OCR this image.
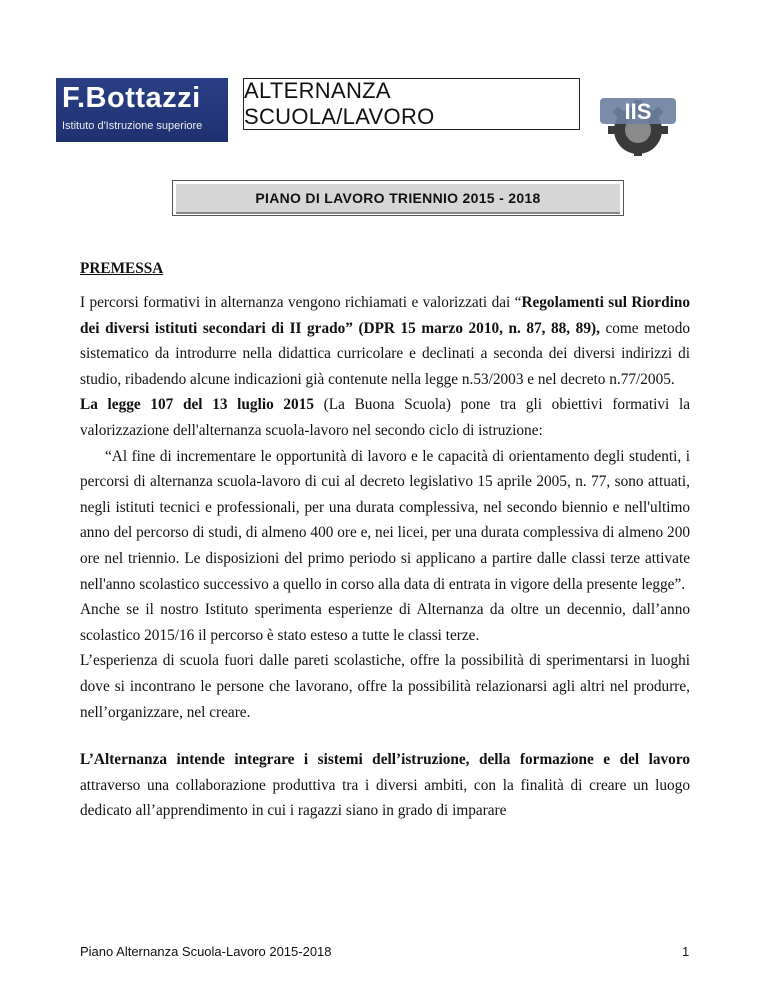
F.Bottazzi
Istituto d'Istruzione superiore
ALTERNANZA SCUOLA/LAVORO	IIS
PIANO DI LAVORO TRIENNIO 2015 - 2018
PREMESSA

I percorsi formativi in alternanza vengono richiamati e valorizzati dai “Regolamenti sul Riordino dei diversi istituti secondari di II grado” (DPR 15 marzo 2010, n. 87, 88, 89), come metodo sistematico da introdurre nella didattica curricolare e declinati a seconda dei diversi indirizzi di studio, ribadendo alcune indicazioni già contenute nella legge n.53/2003 e nel decreto n.77/2005.

La legge 107 del 13 luglio 2015 (La Buona Scuola) pone tra gli obiettivi formativi la valorizzazione dell'alternanza scuola-lavoro nel secondo ciclo di istruzione:

“Al fine di incrementare le opportunità di lavoro e le capacità di orientamento degli studenti, i percorsi di alternanza scuola-lavoro di cui al decreto legislativo 15 aprile 2005, n. 77, sono attuati, negli istituti tecnici e professionali, per una durata complessiva, nel secondo biennio e nell'ultimo anno del percorso di studi, di almeno 400 ore e, nei licei, per una durata complessiva di almeno 200 ore nel triennio. Le disposizioni del primo periodo si applicano a partire dalle classi terze attivate nell'anno scolastico successivo a quello in corso alla data di entrata in vigore della presente legge”.

Anche se il nostro Istituto sperimenta esperienze di Alternanza da oltre un decennio, dall’anno scolastico 2015/16 il percorso è stato esteso a tutte le classi terze.

L’esperienza di scuola fuori dalle pareti scolastiche, offre la possibilità di sperimentarsi in luoghi dove si incontrano le persone che lavorano, offre la possibilità relazionarsi agli altri nel produrre, nell’organizzare, nel creare.

L’Alternanza intende integrare i sistemi dell’istruzione, della formazione e del lavoro attraverso una collaborazione produttiva tra i diversi ambiti, con la finalità di creare un luogo dedicato all’apprendimento in cui i ragazzi siano in grado di imparare

Piano Alternanza Scuola-Lavoro 2015-2018	1
